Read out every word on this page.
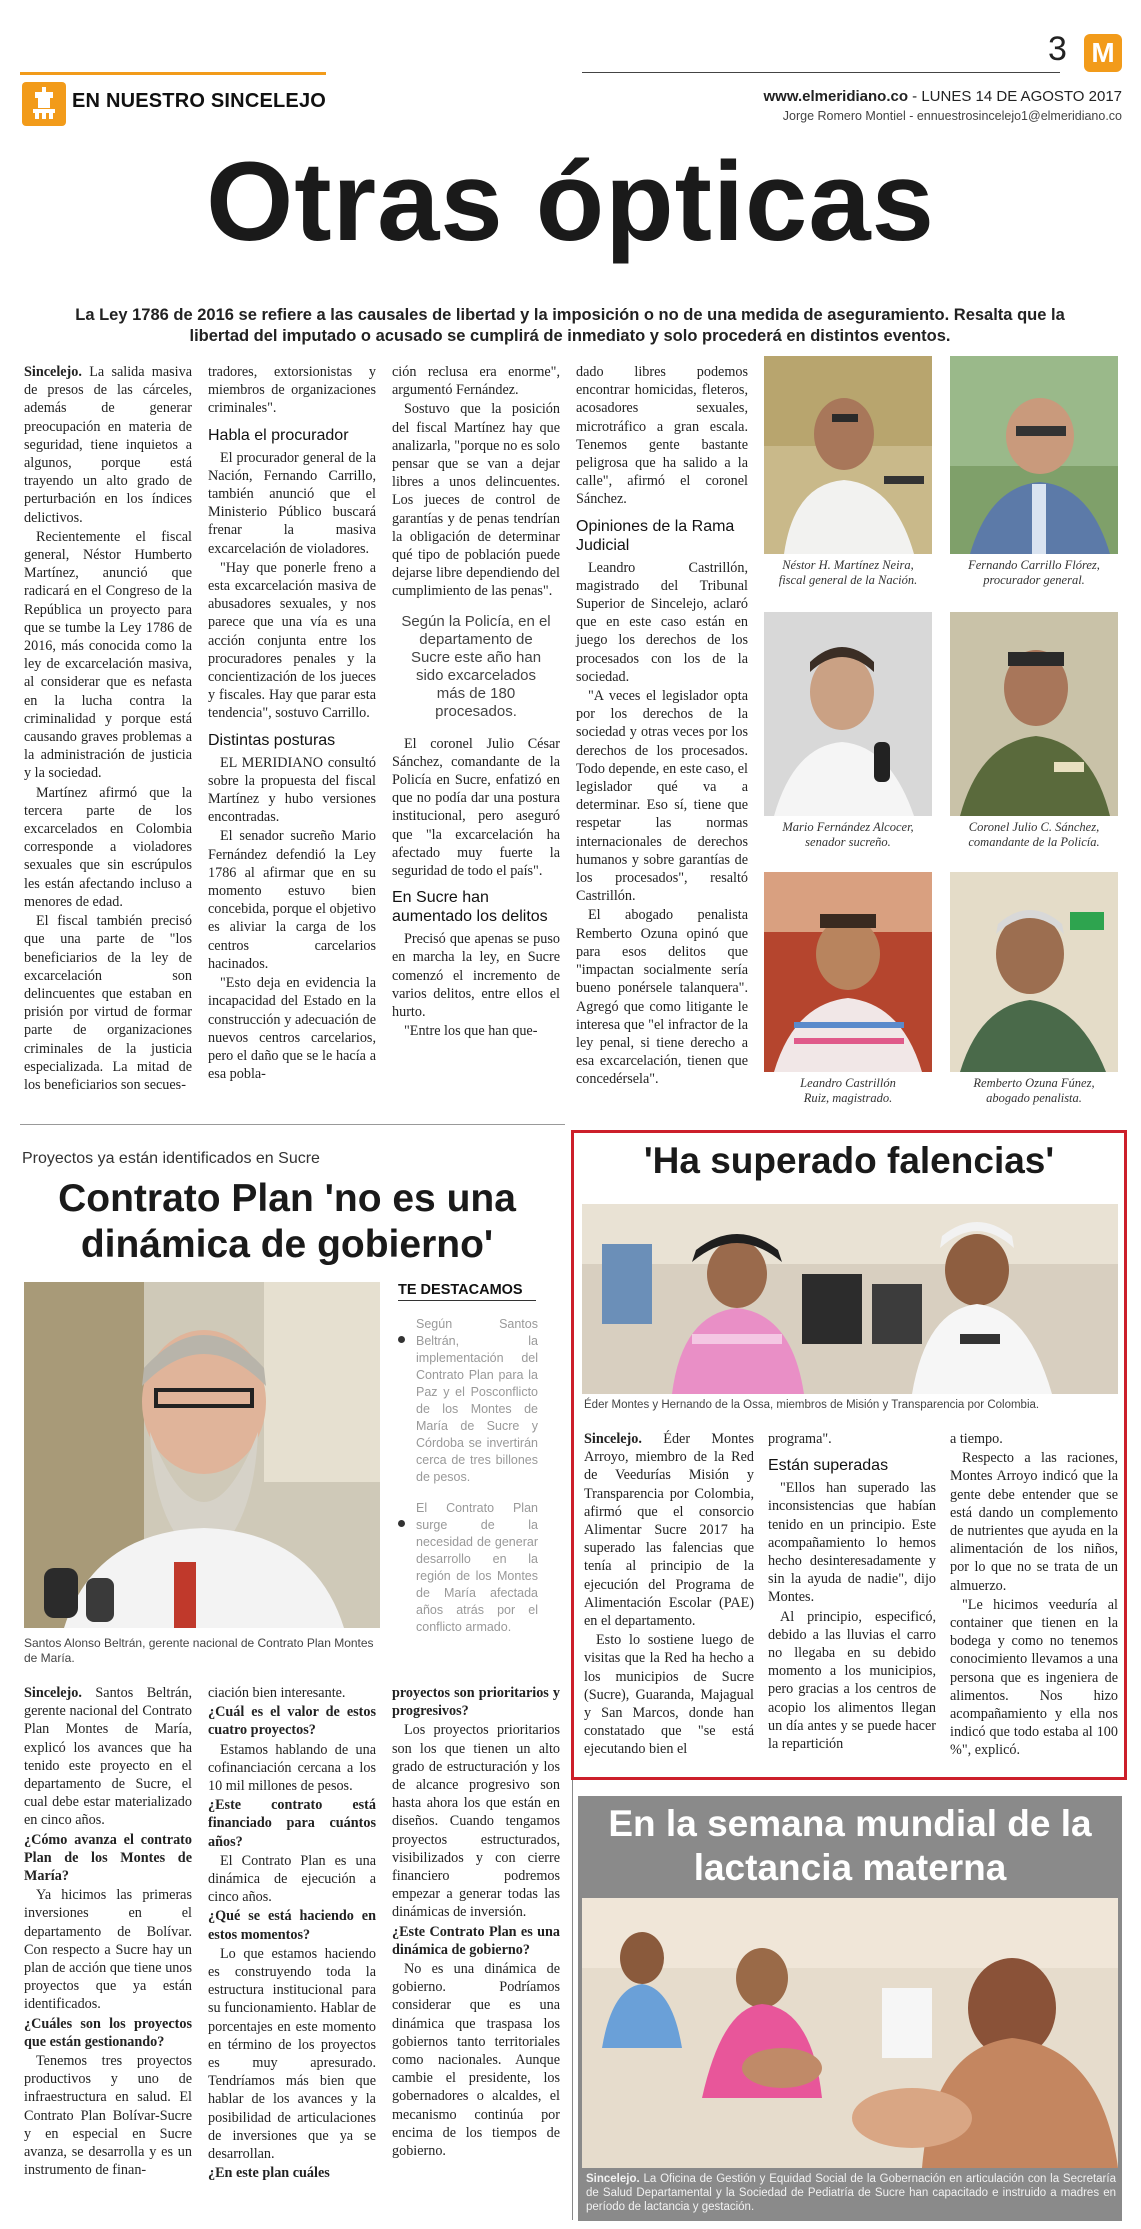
EN NUESTRO SINCELEJO
3 M
www.elmeridiano.co - LUNES 14 DE AGOSTO 2017
Jorge Romero Montiel - ennuestrosincelejo1@elmeridiano.co
Otras ópticas
La Ley 1786 de 2016 se refiere a las causales de libertad y la imposición o no de una medida de aseguramiento. Resalta que la libertad del imputado o acusado se cumplirá de inmediato y solo procederá en distintos eventos.

Sincelejo. La salida masiva de presos de las cárceles, además de generar preocupación en materia de seguridad, tiene inquietos a algunos, porque está trayendo un alto grado de perturbación en los índices delictivos.

Recientemente el fiscal general, Néstor Humberto Martínez, anunció que radicará en el Congreso de la República un proyecto para que se tumbe la Ley 1786 de 2016, más conocida como la ley de excarcelación masiva, al considerar que es nefasta en la lucha contra la criminalidad y porque está causando graves problemas a la administración de justicia y la sociedad.

Martínez afirmó que la tercera parte de los excarcelados en Colombia corresponde a violadores sexuales que sin escrúpulos les están afectando incluso a menores de edad.

El fiscal también precisó que una parte de "los beneficiarios de la ley de excarcelación son delincuentes que estaban en prisión por virtud de formar parte de organizaciones criminales de la justicia especializada. La mitad de los beneficiarios son secues-

tradores, extorsionistas y miembros de organizaciones criminales".

Habla el procurador

El procurador general de la Nación, Fernando Carrillo, también anunció que el Ministerio Público buscará frenar la masiva excarcelación de violadores.

"Hay que ponerle freno a esta excarcelación masiva de abusadores sexuales, y nos parece que una vía es una acción conjunta entre los procuradores penales y la concientización de los jueces y fiscales. Hay que parar esta tendencia", sostuvo Carrillo.

Distintas posturas

EL MERIDIANO consultó sobre la propuesta del fiscal Martínez y hubo versiones encontradas.

El senador sucreño Mario Fernández defendió la Ley 1786 al afirmar que en su momento estuvo bien concebida, porque el objetivo es aliviar la carga de los centros carcelarios hacinados.

"Esto deja en evidencia la incapacidad del Estado en la construcción y adecuación de nuevos centros carcelarios, pero el daño que se le hacía a esa pobla-

ción reclusa era enorme", argumentó Fernández.

Sostuvo que la posición del fiscal Martínez hay que analizarla, "porque no es solo pensar que se van a dejar libres a unos delincuentes. Los jueces de control de garantías y de penas tendrían la obligación de determinar qué tipo de población puede dejarse libre dependiendo del cumplimiento de las penas".

Según la Policía, en el departamento de Sucre este año han sido excarcelados más de 180 procesados.

El coronel Julio César Sánchez, comandante de la Policía en Sucre, enfatizó en que no podía dar una postura institucional, pero aseguró que "la excarcelación ha afectado muy fuerte la seguridad de todo el país".

En Sucre han aumentado los delitos

Precisó que apenas se puso en marcha la ley, en Sucre comenzó el incremento de varios delitos, entre ellos el hurto.

"Entre los que han que-

dado libres podemos encontrar homicidas, fleteros, acosadores sexuales, microtráfico a gran escala. Tenemos gente bastante peligrosa que ha salido a la calle", afirmó el coronel Sánchez.

Opiniones de la Rama Judicial

Leandro Castrillón, magistrado del Tribunal Superior de Sincelejo, aclaró que en este caso están en juego los derechos de los procesados con los de la sociedad.

"A veces el legislador opta por los derechos de la sociedad y otras veces por los derechos de los procesados. Todo depende, en este caso, el legislador qué va a determinar. Eso sí, tiene que respetar las normas internacionales de derechos humanos y sobre garantías de los procesados", resaltó Castrillón.

El abogado penalista Remberto Ozuna opinó que para esos delitos que "impactan socialmente sería bueno ponérsele talanquera". Agregó que como litigante le interesa que "el infractor de la ley penal, si tiene derecho a esa excarcelación, tienen que concedérsela".

Néstor H. Martínez Neira,
fiscal general de la Nación.
Fernando Carrillo Flórez,
procurador general.
Mario Fernández Alcocer,
senador sucreño.
Coronel Julio C. Sánchez,
comandante de la Policía.
Leandro Castrillón
Ruiz, magistrado.
Remberto Ozuna Fúnez,
abogado penalista.
Proyectos ya están identificados en Sucre
Contrato Plan 'no es una dinámica de gobierno'
Santos Alonso Beltrán, gerente nacional de Contrato Plan Montes de María.
TE DESTACAMOS
Según Santos Beltrán, la implementación del Contrato Plan para la Paz y el Posconflicto de los Montes de María de Sucre y Córdoba se invertirán cerca de tres billones de pesos.
El Contrato Plan surge de la necesidad de generar desarrollo en la región de los Montes de María afectada años atrás por el conflicto armado.

Sincelejo. Santos Beltrán, gerente nacional del Contrato Plan Montes de María, explicó los avances que ha tenido este proyecto en el departamento de Sucre, el cual debe estar materializado en cinco años.

¿Cómo avanza el contrato Plan de los Montes de María?

Ya hicimos las primeras inversiones en el departamento de Bolívar. Con respecto a Sucre hay un plan de acción que tiene unos proyectos que ya están identificados.

¿Cuáles son los proyectos que están gestionando?

Tenemos tres proyectos productivos y uno de infraestructura en salud. El Contrato Plan Bolívar-Sucre y en especial en Sucre avanza, se desarrolla y es un instrumento de finan-

ciación bien interesante.

¿Cuál es el valor de estos cuatro proyectos?

Estamos hablando de una cofinanciación cercana a los 10 mil millones de pesos.

¿Este contrato está financiado para cuántos años?

El Contrato Plan es una dinámica de ejecución a cinco años.

¿Qué se está haciendo en estos momentos?

Lo que estamos haciendo es construyendo toda la estructura institucional para su funcionamiento. Hablar de porcentajes en este momento en término de los proyectos es muy apresurado. Tendríamos más bien que hablar de los avances y la posibilidad de articulaciones de inversiones que ya se desarrollan.

¿En este plan cuáles

proyectos son prioritarios y progresivos?

Los proyectos prioritarios son los que tienen un alto grado de estructuración y los de alcance progresivo son hasta ahora los que están en diseños. Cuando tengamos proyectos estructurados, visibilizados y con cierre financiero podremos empezar a generar todas las dinámicas de inversión.

¿Este Contrato Plan es una dinámica de gobierno?

No es una dinámica de gobierno. Podríamos considerar que es una dinámica que traspasa los gobiernos tanto territoriales como nacionales. Aunque cambie el presidente, los gobernadores o alcaldes, el mecanismo continúa por encima de los tiempos de gobierno.

'Ha superado falencias'
Éder Montes y Hernando de la Ossa, miembros de Misión y Transparencia por Colombia.

Sincelejo. Éder Montes Arroyo, miembro de la Red de Veedurías Misión y Transparencia por Colombia, afirmó que el consorcio Alimentar Sucre 2017 ha superado las falencias que tenía al principio de la ejecución del Programa de Alimentación Escolar (PAE) en el departamento.

Esto lo sostiene luego de visitas que la Red ha hecho a los municipios de Sucre (Sucre), Guaranda, Majagual y San Marcos, donde han constatado que "se está ejecutando bien el

programa".

Están superadas

"Ellos han superado las inconsistencias que habían tenido en un principio. Este acompañamiento lo hemos hecho desinteresadamente y sin la ayuda de nadie", dijo Montes.

Al principio, especificó, debido a las lluvias el carro no llegaba en su debido momento a los municipios, pero gracias a los centros de acopio los alimentos llegan un día antes y se puede hacer la repartición

a tiempo.

Respecto a las raciones, Montes Arroyo indicó que la gente debe entender que se está dando un complemento de nutrientes que ayuda en la alimentación de los niños, por lo que no se trata de un almuerzo.

"Le hicimos veeduría al container que tienen en la bodega y como no tenemos conocimiento llevamos a una persona que es ingeniera de alimentos. Nos hizo acompañamiento y ella nos indicó que todo estaba al 100 %", explicó.

En la semana mundial de la lactancia materna
Sincelejo. La Oficina de Gestión y Equidad Social de la Gobernación en articulación con la Secretaría de Salud Departamental y la Sociedad de Pediatría de Sucre han capacitado e instruido a madres en período de lactancia y gestación.
